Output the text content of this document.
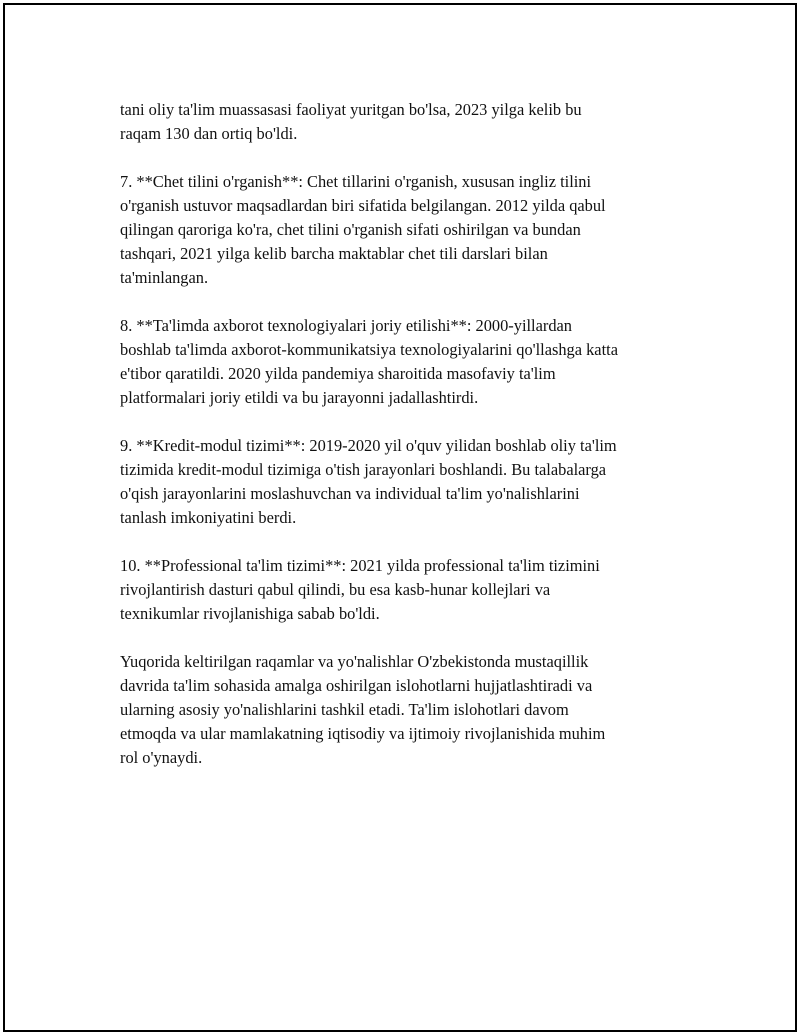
tani oliy ta'lim muassasasi faoliyat yuritgan bo'lsa, 2023 yilga kelib bu
raqam 130 dan ortiq bo'ldi.

7. **Chet tilini o'rganish**: Chet tillarini o'rganish, xususan ingliz tilini
o'rganish ustuvor maqsadlardan biri sifatida belgilangan. 2012 yilda qabul
qilingan qaroriga ko'ra, chet tilini o'rganish sifati oshirilgan va bundan
tashqari, 2021 yilga kelib barcha maktablar chet tili darslari bilan
ta'minlangan.

8. **Ta'limda axborot texnologiyalari joriy etilishi**: 2000-yillardan
boshlab ta'limda axborot-kommunikatsiya texnologiyalarini qo'llashga katta
e'tibor qaratildi. 2020 yilda pandemiya sharoitida masofaviy ta'lim
platformalari joriy etildi va bu jarayonni jadallashtirdi.

9. **Kredit-modul tizimi**: 2019-2020 yil o'quv yilidan boshlab oliy ta'lim
tizimida kredit-modul tizimiga o'tish jarayonlari boshlandi. Bu talabalarga
o'qish jarayonlarini moslashuvchan va individual ta'lim yo'nalishlarini
tanlash imkoniyatini berdi.

10. **Professional ta'lim tizimi**: 2021 yilda professional ta'lim tizimini
rivojlantirish dasturi qabul qilindi, bu esa kasb-hunar kollejlari va
texnikumlar rivojlanishiga sabab bo'ldi.

Yuqorida keltirilgan raqamlar va yo'nalishlar O'zbekistonda mustaqillik
davrida ta'lim sohasida amalga oshirilgan islohotlarni hujjatlashtiradi va
ularning asosiy yo'nalishlarini tashkil etadi. Ta'lim islohotlari davom
etmoqda va ular mamlakatning iqtisodiy va ijtimoiy rivojlanishida muhim
rol o'ynaydi.
